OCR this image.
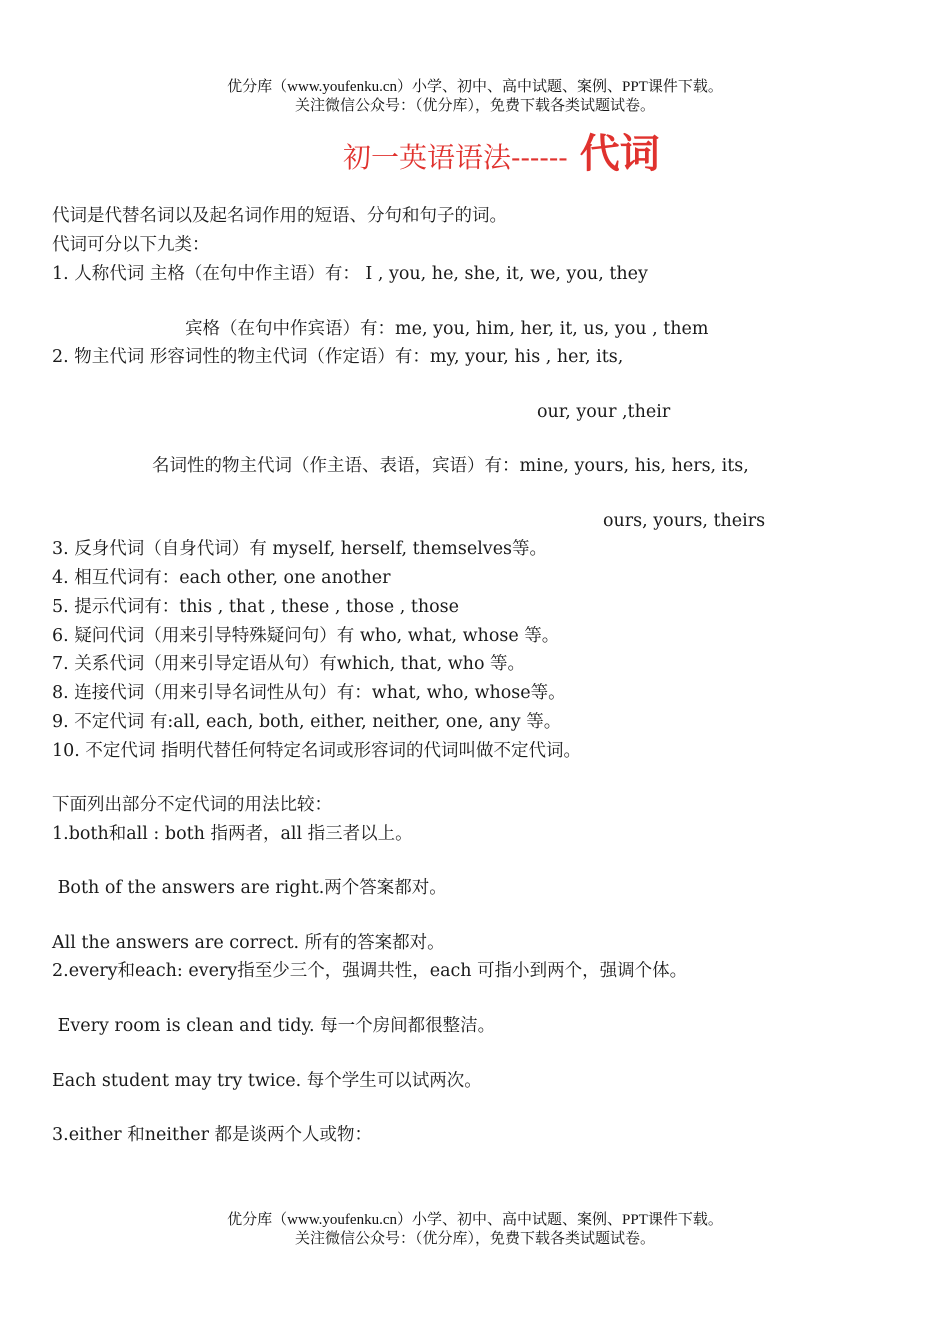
优分库（www.youfenku.cn）小学、初中、高中试题、案例、PPT课件下载。
关注微信公众号：（优分库），免费下载各类试题试卷。
初一英语语法------ 代词
代词是代替名词以及起名词作用的短语、分句和句子的词。
代词可分以下九类：
1. 人称代词 主格（在句中作主语）有： I , you, he, she, it, we, you, they
宾格（在句中作宾语）有：me, you, him, her, it, us, you , them
2. 物主代词 形容词性的物主代词（作定语）有：my, your, his , her, its,
our, your ,their
名词性的物主代词（作主语、表语，宾语）有：mine, yours, his, hers, its,
ours, yours, theirs
3. 反身代词（自身代词）有 myself, herself, themselves等。
4. 相互代词有：each other, one another
5. 提示代词有：this , that , these , those , those
6. 疑问代词（用来引导特殊疑问句）有 who, what, whose 等。
7. 关系代词（用来引导定语从句）有which, that, who 等。
8. 连接代词（用来引导名词性从句）有：what, who, whose等。
9. 不定代词 有:all, each, both, either, neither, one, any 等。
10. 不定代词 指明代替任何特定名词或形容词的代词叫做不定代词。
下面列出部分不定代词的用法比较：
1.both和all : both 指两者，all 指三者以上。
Both of the answers are right.两个答案都对。
All the answers are correct. 所有的答案都对。
2.every和each: every指至少三个，强调共性，each 可指小到两个，强调个体。
Every room is clean and tidy. 每一个房间都很整洁。
Each student may try twice. 每个学生可以试两次。
3.either 和neither 都是谈两个人或物：
优分库（www.youfenku.cn）小学、初中、高中试题、案例、PPT课件下载。
关注微信公众号：（优分库），免费下载各类试题试卷。
